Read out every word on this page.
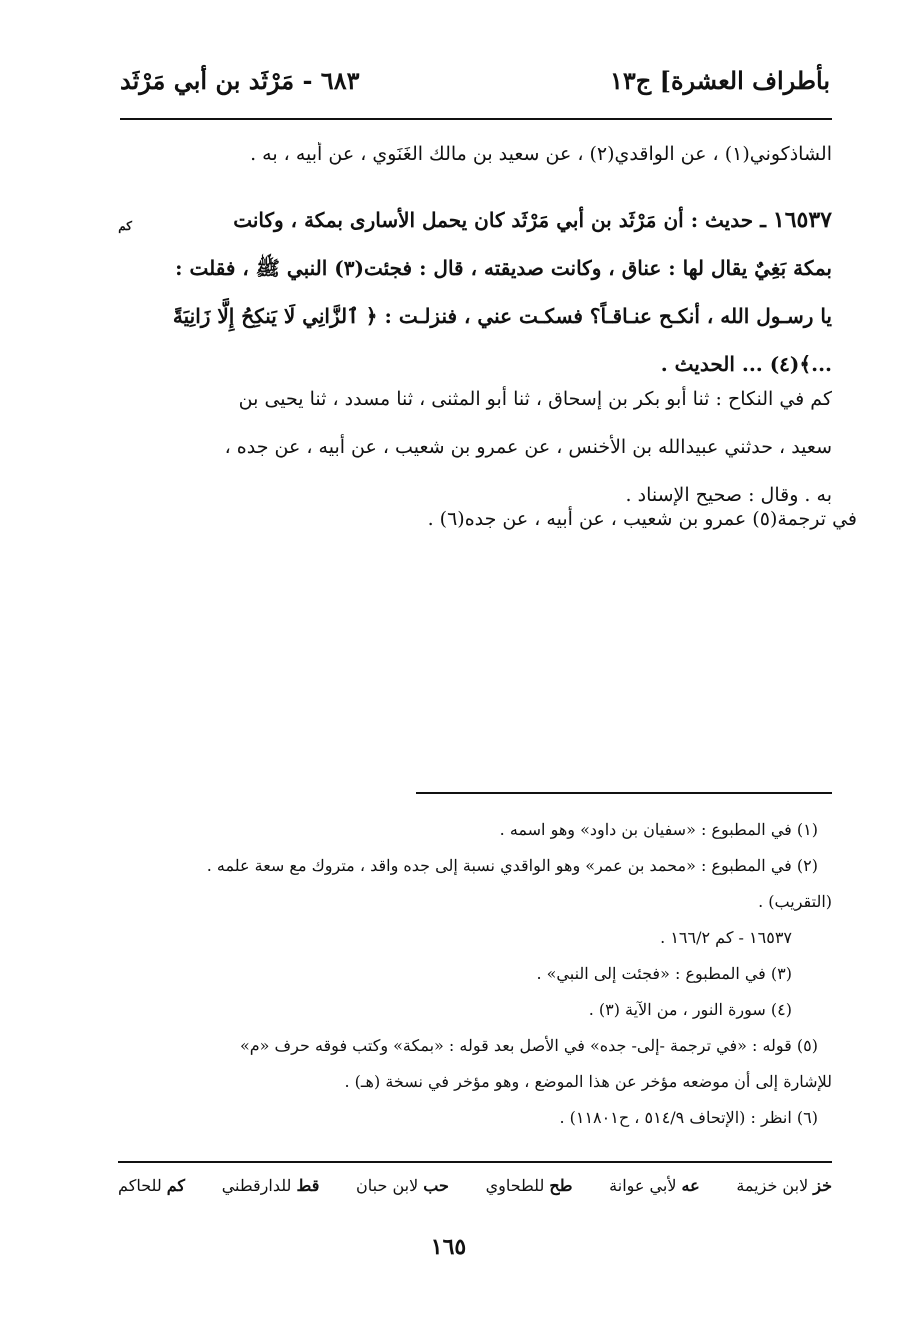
بأطراف العشرة] ج١٣
٦٨٣ - مَرْثَد بن أبي مَرْثَد
الشاذكوني(١) ، عن الواقدي(٢) ، عن سعيد بن مالك الغَنَوي ، عن أبيه ، به .
١٦٥٣٧ ـ حديث : أن مَرْثَد بن أبي مَرْثَد كان يحمل الأسارى بمكة ، وكانت
بمكة بَغِيٌ يقال لها : عناق ، وكانت صديقته ، قال : فجئت(٣) النبي ﷺ ، فقلت :
يا رسـول الله ، أنكـح عنـاقـاً؟ فسكـت عني ، فنزلـت : ﴿ ٱلزَّانِي لَا يَنكِحُ إِلَّا زَانِيَةً
...﴾(٤) ... الحديث .
كم
كم في النكاح : ثنا أبو بكر بن إسحاق ، ثنا أبو المثنى ، ثنا مسدد ، ثنا يحيى بن
سعيد ، حدثني عبيدالله بن الأخنس ، عن عمرو بن شعيب ، عن أبيه ، عن جده ،
به . وقال : صحيح الإسناد .
في ترجمة(٥) عمرو بن شعيب ، عن أبيه ، عن جده(٦) .
(١) في المطبوع : «سفيان بن داود» وهو اسمه .
(٢) في المطبوع : «محمد بن عمر» وهو الواقدي نسبة إلى جده واقد ، متروك مع سعة علمه .
(التقريب) .
١٦٥٣٧ - كم ١٦٦/٢ .
(٣) في المطبوع : «فجئت إلى النبي» .
(٤) سورة النور ، من الآية (٣) .
(٥) قوله : «في ترجمة -إلى- جده» في الأصل بعد قوله : «بمكة» وكتب فوقه حرف «م»
للإشارة إلى أن موضعه مؤخر عن هذا الموضع ، وهو مؤخر في نسخة (هـ) .
(٦) انظر : (الإتحاف ٥١٤/٩ ، ح١١٨٠١) .
خز لابن خزيمة
عه لأبي عوانة
طح للطحاوي
حب لابن حبان
قط للدارقطني
كم للحاكم
١٦٥
